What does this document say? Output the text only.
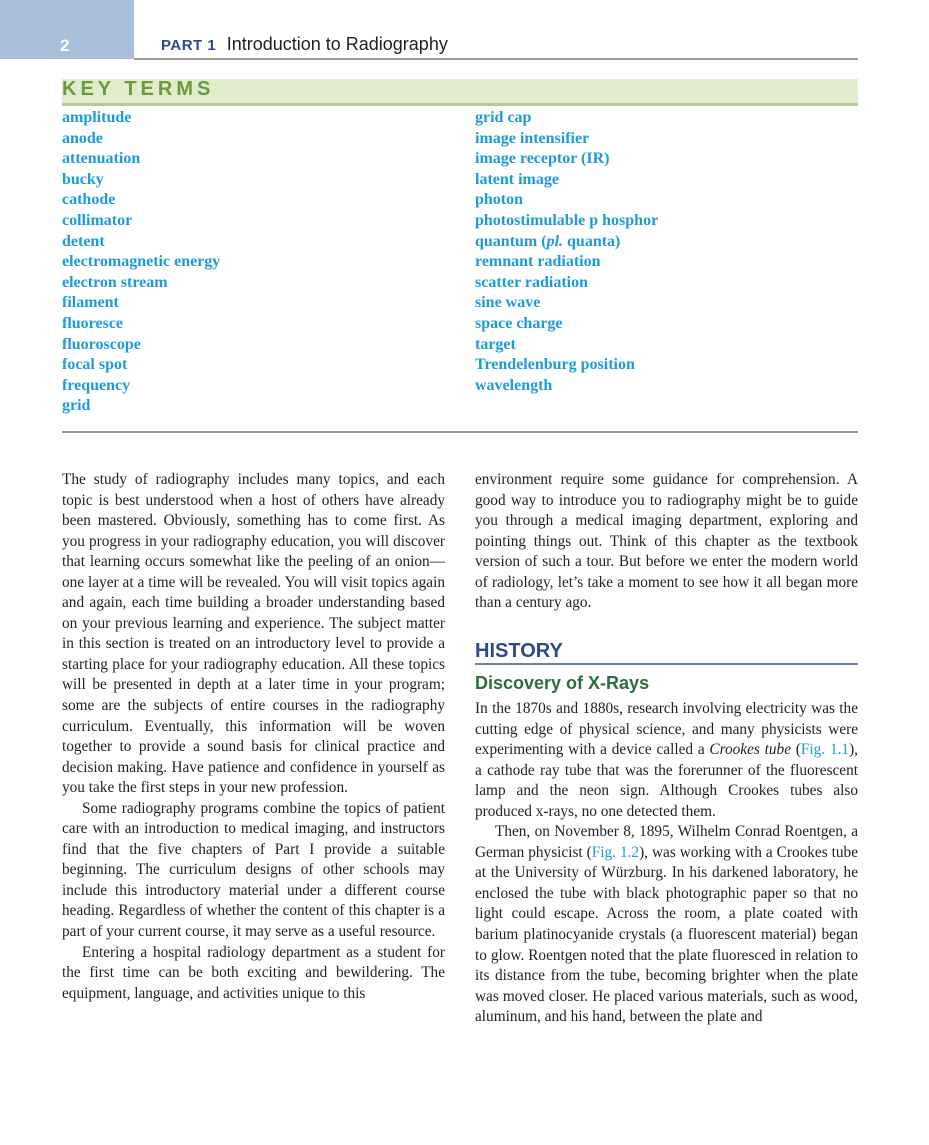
2	PART 1 Introduction to Radiography
KEY TERMS
amplitude
anode
attenuation
bucky
cathode
collimator
detent
electromagnetic energy
electron stream
filament
fluoresce
fluoroscope
focal spot
frequency
grid
grid cap
image intensifier
image receptor (IR)
latent image
photon
photostimulable p hosphor
quantum (pl. quanta)
remnant radiation
scatter radiation
sine wave
space charge
target
Trendelenburg position
wavelength

The study of radiography includes many topics, and each topic is best understood when a host of others have already been mastered. Obviously, something has to come first. As you progress in your radiography education, you will discover that learning occurs somewhat like the peeling of an onion—one layer at a time will be revealed. You will visit topics again and again, each time building a broader understanding based on your previous learning and experience. The subject matter in this section is treated on an introductory level to provide a starting place for your radiography education. All these topics will be presented in depth at a later time in your program; some are the subjects of entire courses in the radiography curriculum. Eventually, this information will be woven together to provide a sound basis for clinical practice and decision making. Have patience and confidence in yourself as you take the first steps in your new profession.

Some radiography programs combine the topics of patient care with an introduction to medical imaging, and instructors find that the five chapters of Part I provide a suitable beginning. The curriculum designs of other schools may include this introductory material under a different course heading. Regardless of whether the content of this chapter is a part of your current course, it may serve as a useful resource.

Entering a hospital radiology department as a student for the first time can be both exciting and bewildering. The equipment, language, and activities unique to this

environment require some guidance for comprehension. A good way to introduce you to radiography might be to guide you through a medical imaging department, exploring and pointing things out. Think of this chapter as the textbook version of such a tour. But before we enter the modern world of radiology, let’s take a moment to see how it all began more than a century ago.

HISTORY
Discovery of X-Rays

In the 1870s and 1880s, research involving electricity was the cutting edge of physical science, and many physicists were experimenting with a device called a Crookes tube (Fig. 1.1), a cathode ray tube that was the forerunner of the fluorescent lamp and the neon sign. Although Crookes tubes also produced x-rays, no one detected them.

Then, on November 8, 1895, Wilhelm Conrad Roentgen, a German physicist (Fig. 1.2), was working with a Crookes tube at the University of Würzburg. In his darkened laboratory, he enclosed the tube with black photographic paper so that no light could escape. Across the room, a plate coated with barium platinocyanide crystals (a fluorescent material) began to glow. Roentgen noted that the plate fluoresced in relation to its distance from the tube, becoming brighter when the plate was moved closer. He placed various materials, such as wood, aluminum, and his hand, between the plate and
